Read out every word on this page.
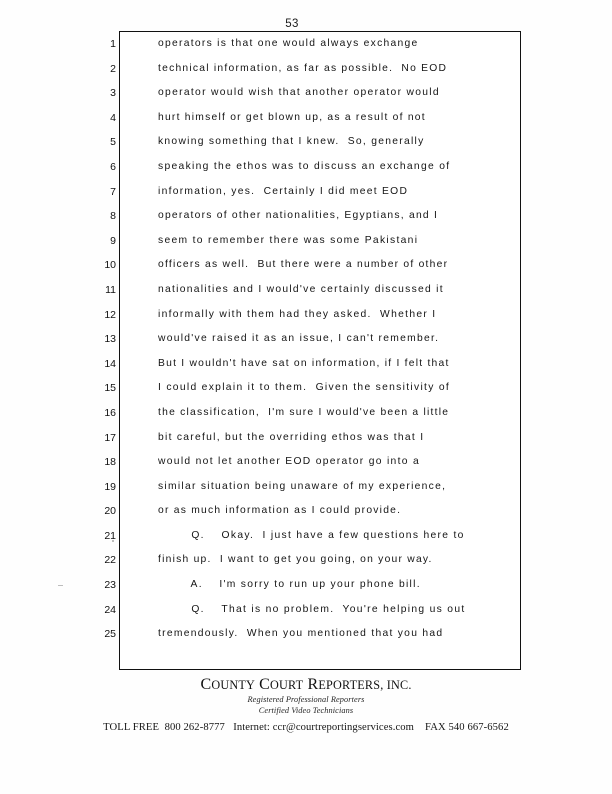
53

1

	operators is that one would always exchange

2

	technical information, as far as possible.  No EOD

3

	operator would wish that another operator would

4

	hurt himself or get blown up, as a result of not

5

	knowing something that I knew.  So, generally

6

	speaking the ethos was to discuss an exchange of

7

	information, yes.  Certainly I did meet EOD

8

	operators of other nationalities, Egyptians, and I

9

	seem to remember there was some Pakistani

10

	officers as well.  But there were a number of other

11

	nationalities and I would've certainly discussed it

12

	informally with them had they asked.  Whether I

13

	would've raised it as an issue, I can't remember.

14

	But I wouldn't have sat on information, if I felt that

15

	I could explain it to them.  Given the sensitivity of

16

	the classification,  I'm sure I would've been a little

17

	bit careful, but the overriding ethos was that I

18

	would not let another EOD operator go into a

19

	similar situation being unaware of my experience,

20

	or as much information as I could provide.

21

	Q.    Okay.  I just have a few questions here to

22

	finish up.  I want to get you going, on your way.

23

	A.    I'm sorry to run up your phone bill.

24

	Q.    That is no problem.  You're helping us out

25

	tremendously.  When you mentioned that you had

COUNTY COURT REPORTERS, INC.
Registered Professional Reporters
Certified Video Technicians
TOLL FREE 800 262-8777 Internet: ccr@courtreportingservices.com FAX 540 667-6562
